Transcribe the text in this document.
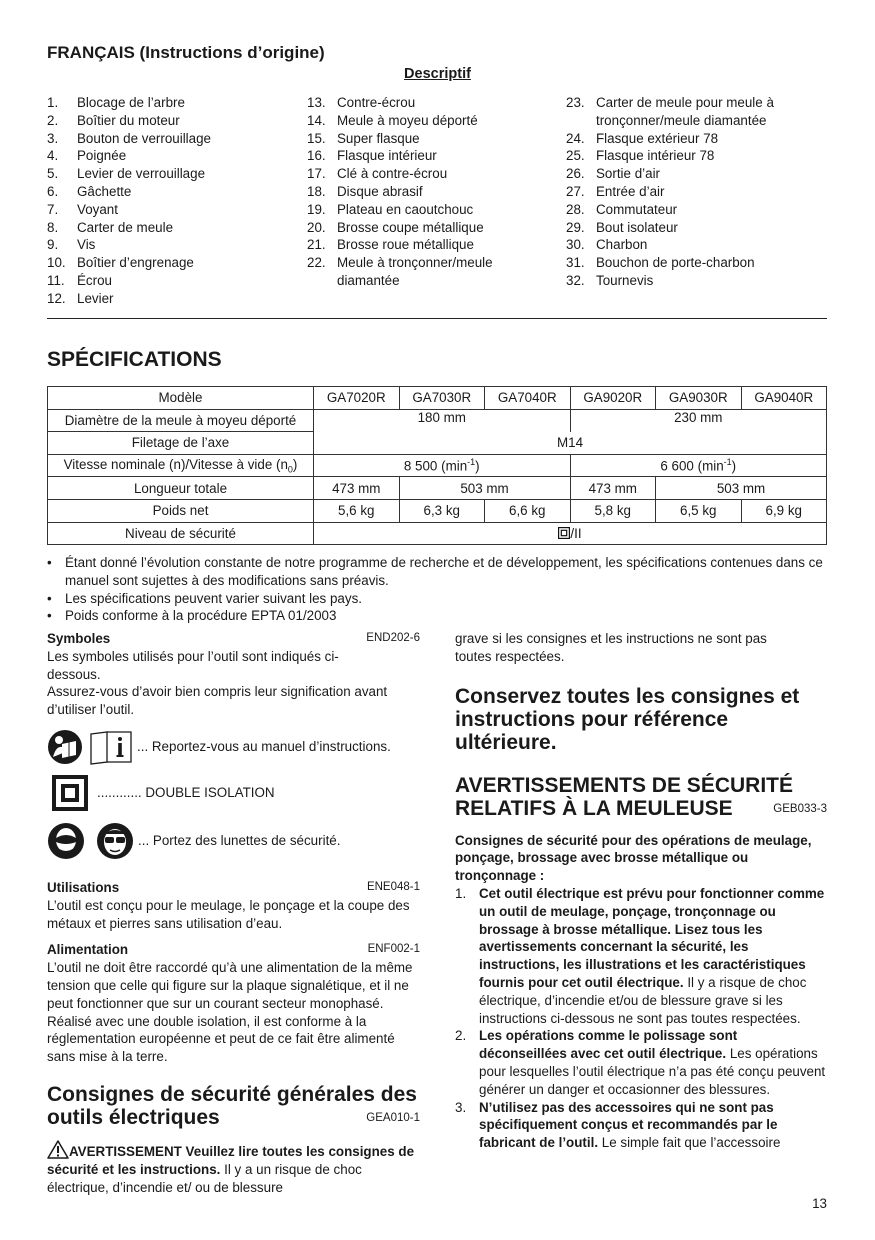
FRANÇAIS (Instructions d’origine)
Descriptif
1.	Blocage de l’arbre
2.	Boîtier du moteur
3.	Bouton de verrouillage
4.	Poignée
5.	Levier de verrouillage
6.	Gâchette
7.	Voyant
8.	Carter de meule
9.	Vis
10. Boîtier d’engrenage
11. Écrou
12. Levier
13. Contre-écrou
14. Meule à moyeu déporté
15. Super flasque
16. Flasque intérieur
17. Clé à contre-écrou
18. Disque abrasif
19. Plateau en caoutchouc
20. Brosse coupe métallique
21. Brosse roue métallique
22. Meule à tronçonner/meule diamantée
23. Carter de meule pour meule à tronçonner/meule diamantée
24. Flasque extérieur 78
25. Flasque intérieur 78
26. Sortie d’air
27. Entrée d’air
28. Commutateur
29. Bout isolateur
30. Charbon
31. Bouchon de porte-charbon
32. Tournevis
SPÉCIFICATIONS
Modèle	GA7020R	GA7030R	GA7040R	GA9020R	GA9030R	GA9040R
Diamètre de la meule à moyeu déporté	180 mm			230 mm		
Filetage de l’axe	M14					
Vitesse nominale (n)/Vitesse à vide $(n_0)$	8 500 $(\min^{-1})$			6 600 $(\min^{-1})$		
Longueur totale	473 mm	503 mm		473 mm	503 mm	
Poids net	5,6 kg	6,3 kg	6,6 kg	5,8 kg	6,5 kg	6,9 kg
Niveau de sécurité	/II					
• Étant donné l’évolution constante de notre programme de recherche et de développement, les spécifications contenues dans ce manuel sont sujettes à des modifications sans préavis.
• Les spécifications peuvent varier suivant les pays.
• Poids conforme à la procédure EPTA 01/2003
Symboles	END202-6
Les symboles utilisés pour l’outil sont indiqués ci-dessous.
Assurez-vous d’avoir bien compris leur signification avant d’utiliser l’outil.
... Reportez-vous au manuel d’instructions.
............ DOUBLE ISOLATION
... Portez des lunettes de sécurité.
Utilisations	ENE048-1
L’outil est conçu pour le meulage, le ponçage et la coupe des métaux et pierres sans utilisation d’eau.
Alimentation	ENF002-1
L’outil ne doit être raccordé qu’à une alimentation de la même tension que celle qui figure sur la plaque signalétique, et il ne peut fonctionner que sur un courant secteur monophasé. Réalisé avec une double isolation, il est conforme à la réglementation européenne et peut de ce fait être alimenté sans mise à la terre.
Consignes de sécurité générales des outils électriques	GEA010-1
AVERTISSEMENT Veuillez lire toutes les consignes de sécurité et les instructions. Il y a un risque de choc électrique, d’incendie et/ ou de blessure
grave si les consignes et les instructions ne sont pas toutes respectées.
Conservez toutes les consignes et instructions pour référence ultérieure.
AVERTISSEMENTS DE SÉCURITÉ RELATIFS À LA MEULEUSE	GEB033-3
Consignes de sécurité pour des opérations de meulage, ponçage, brossage avec brosse métallique ou tronçonnage :
1. Cet outil électrique est prévu pour fonctionner comme un outil de meulage, ponçage, tronçonnage ou brossage à brosse métallique. Lisez tous les avertissements concernant la sécurité, les instructions, les illustrations et les caractéristiques fournis pour cet outil électrique. Il y a risque de choc électrique, d’incendie et/ou de blessure grave si les instructions ci-dessous ne sont pas toutes respectées.
2. Les opérations comme le polissage sont déconseillées avec cet outil électrique. Les opérations pour lesquelles l’outil électrique n’a pas été conçu peuvent générer un danger et occasionner des blessures.
3. N’utilisez pas des accessoires qui ne sont pas spécifiquement conçus et recommandés par le fabricant de l’outil. Le simple fait que l’accessoire
13
